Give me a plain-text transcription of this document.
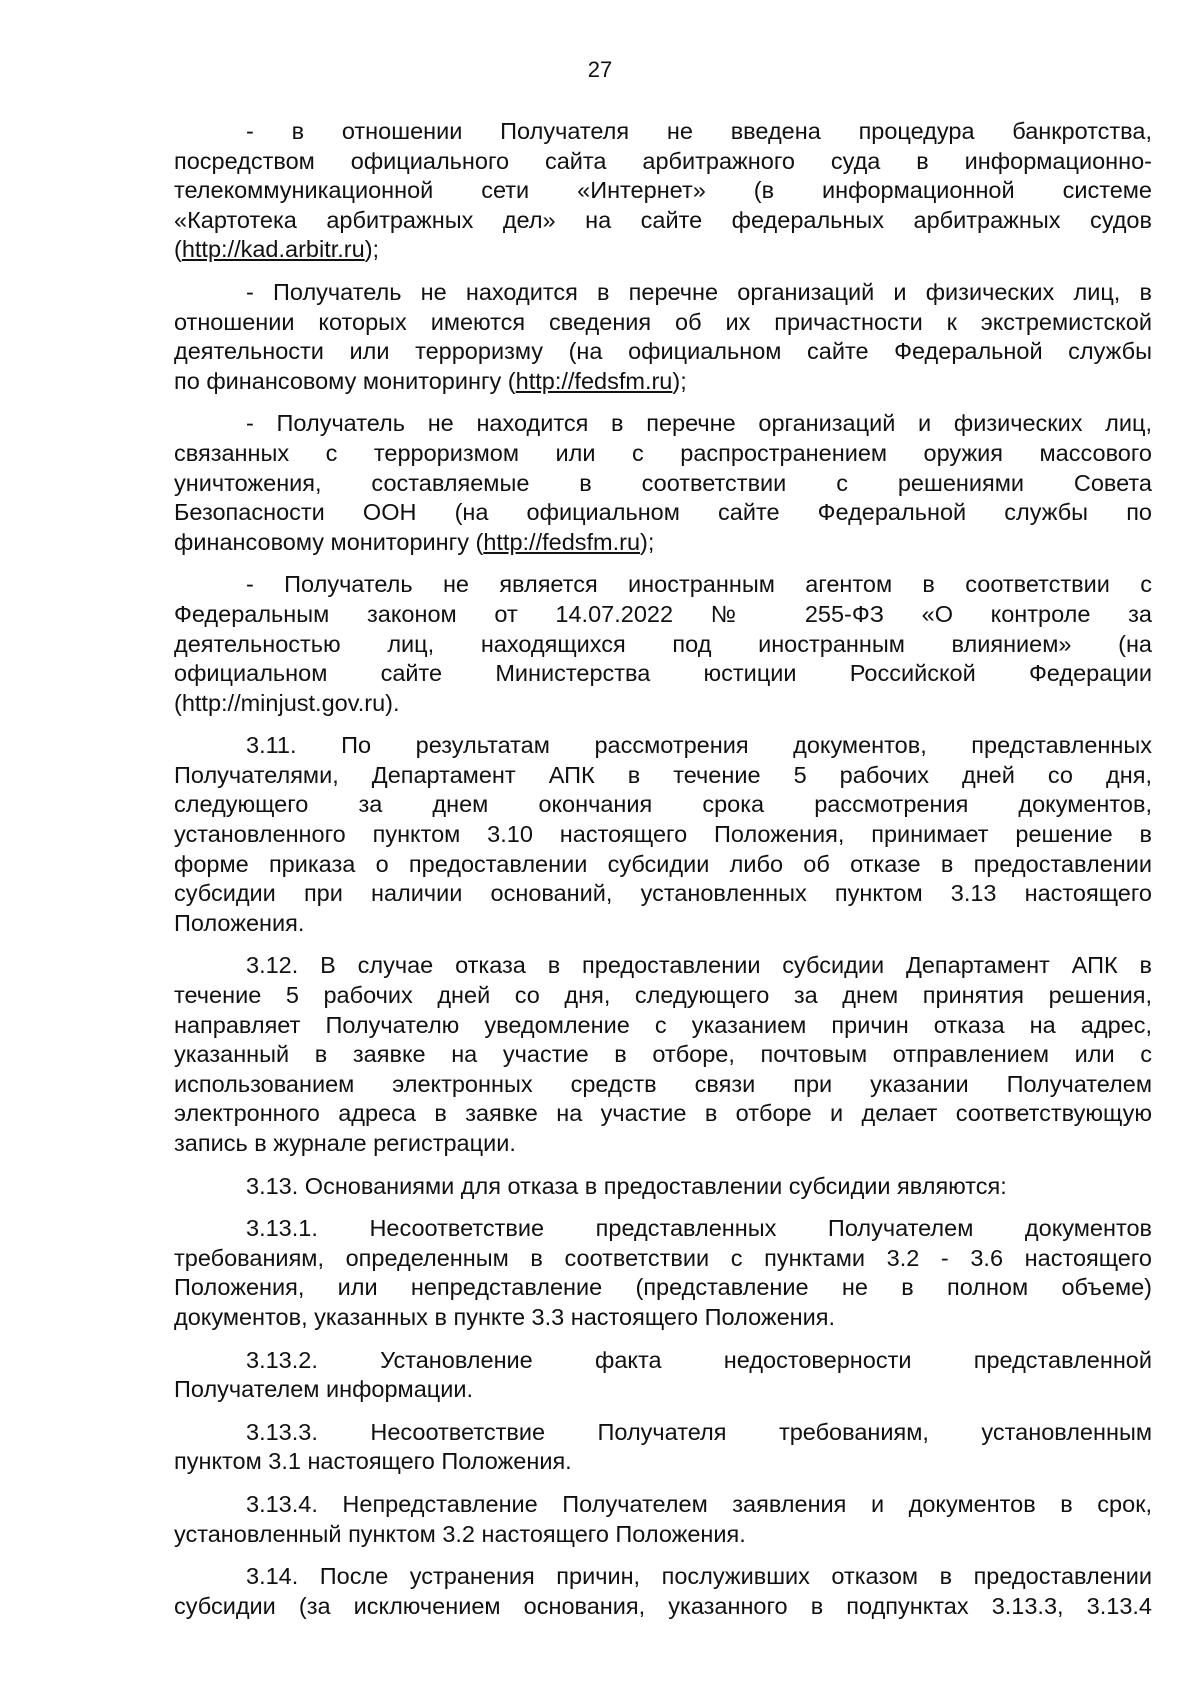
27
- в отношении Получателя не введена процедура банкротства,
посредством официального сайта арбитражного суда в информационно-
телекоммуникационной сети «Интернет» (в информационной системе
«Картотека арбитражных дел» на сайте федеральных арбитражных судов
(http://kad.arbitr.ru);
- Получатель не находится в перечне организаций и физических лиц, в
отношении которых имеются сведения об их причастности к экстремистской
деятельности или терроризму (на официальном сайте Федеральной службы
по финансовому мониторингу (http://fedsfm.ru);
- Получатель не находится в перечне организаций и физических лиц,
связанных с терроризмом или с распространением оружия массового
уничтожения, составляемые в соответствии с решениями Совета
Безопасности ООН (на официальном сайте Федеральной службы по
финансовому мониторингу (http://fedsfm.ru);
- Получатель не является иностранным агентом в соответствии с
Федеральным законом от 14.07.2022 № 255-ФЗ «О контроле за
деятельностью лиц, находящихся под иностранным влиянием» (на
официальном сайте Министерства юстиции Российской Федерации
(http://minjust.gov.ru).
3.11. По результатам рассмотрения документов, представленных
Получателями, Департамент АПК в течение 5 рабочих дней со дня,
следующего за днем окончания срока рассмотрения документов,
установленного пунктом 3.10 настоящего Положения, принимает решение в
форме приказа о предоставлении субсидии либо об отказе в предоставлении
субсидии при наличии оснований, установленных пунктом 3.13 настоящего
Положения.
3.12. В случае отказа в предоставлении субсидии Департамент АПК в
течение 5 рабочих дней со дня, следующего за днем принятия решения,
направляет Получателю уведомление с указанием причин отказа на адрес,
указанный в заявке на участие в отборе, почтовым отправлением или с
использованием электронных средств связи при указании Получателем
электронного адреса в заявке на участие в отборе и делает соответствующую
запись в журнале регистрации.
3.13. Основаниями для отказа в предоставлении субсидии являются:
3.13.1. Несоответствие представленных Получателем документов
требованиям, определенным в соответствии с пунктами 3.2 - 3.6 настоящего
Положения, или непредставление (представление не в полном объеме)
документов, указанных в пункте 3.3 настоящего Положения.
3.13.2. Установление факта недостоверности представленной
Получателем информации.
3.13.3. Несоответствие Получателя требованиям, установленным
пунктом 3.1 настоящего Положения.
3.13.4. Непредставление Получателем заявления и документов в срок,
установленный пунктом 3.2 настоящего Положения.
3.14. После устранения причин, послуживших отказом в предоставлении
субсидии (за исключением основания, указанного в подпунктах 3.13.3, 3.13.4
